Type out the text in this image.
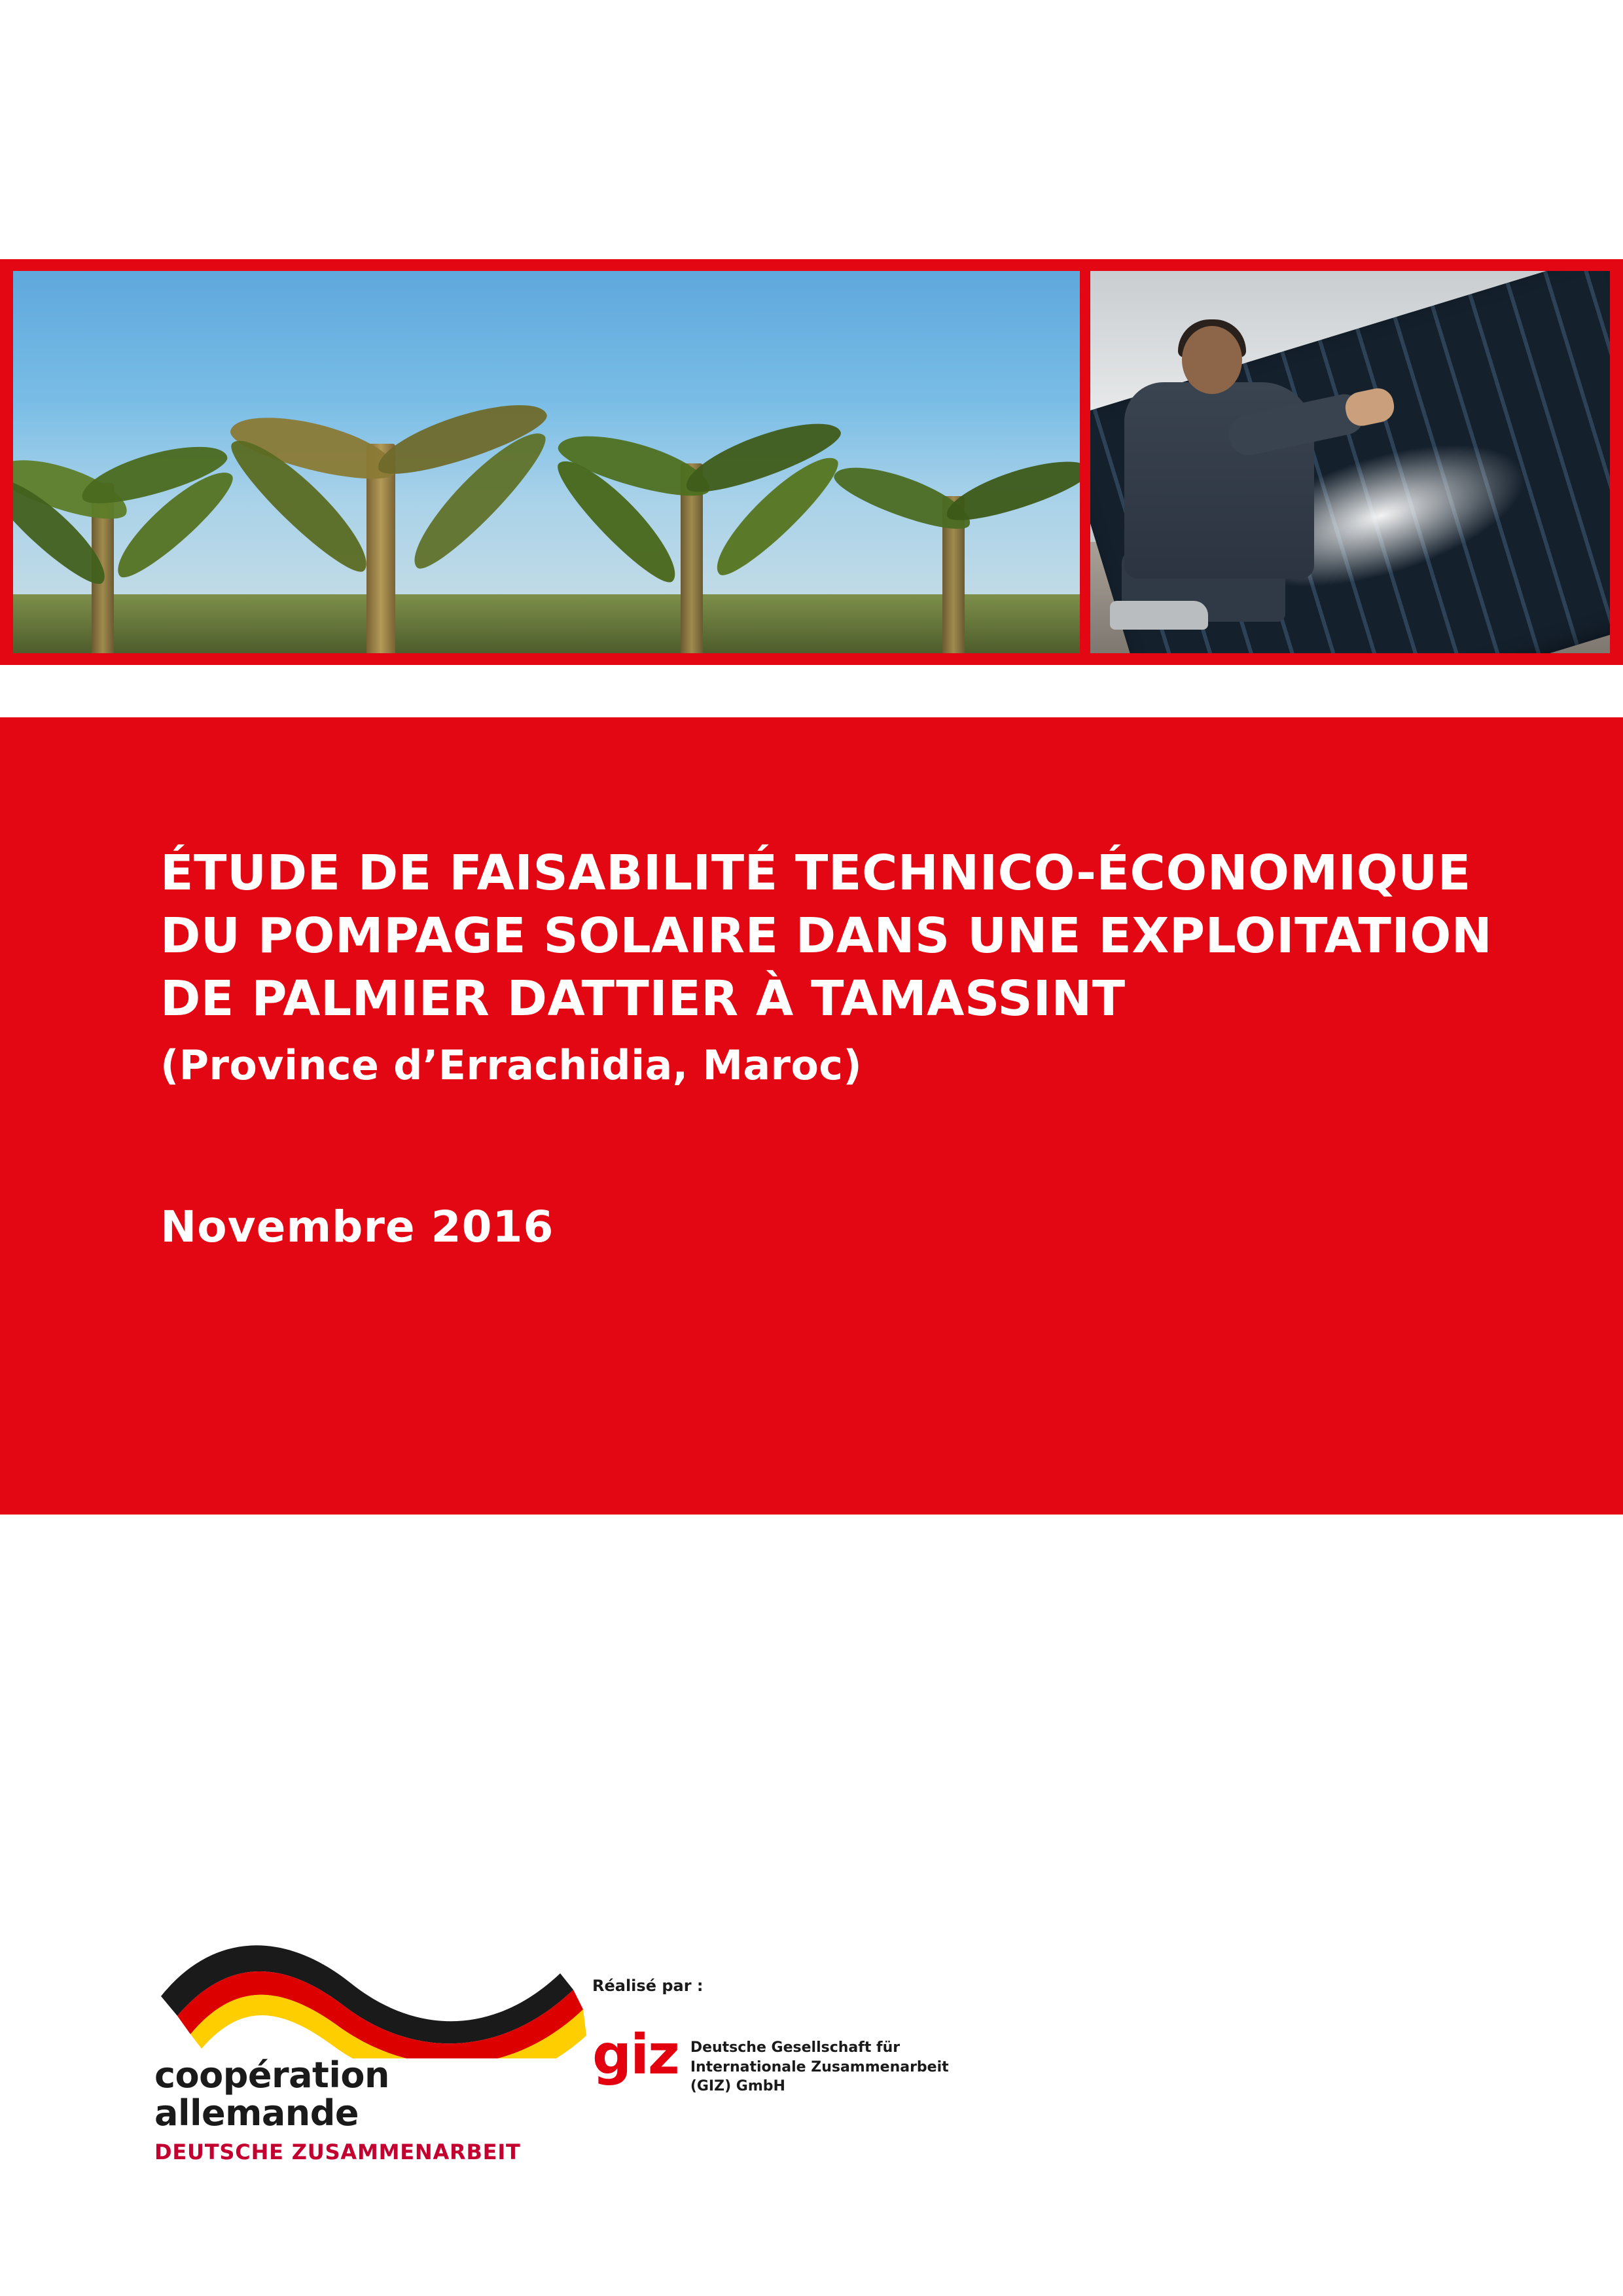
ÉTUDE DE FAISABILITÉ TECHNICO-ÉCONOMIQUE DU POMPAGE SOLAIRE DANS UNE EXPLOITATION DE PALMIER DATTIER À TAMASSINT

(Province d’Errachidia, Maroc)

Novembre 2016

coopération

allemande

DEUTSCHE ZUSAMMENARBEIT

Réalisé par :

giz Deutsche Gesellschaft für Internationale Zusammenarbeit (GIZ) GmbH
